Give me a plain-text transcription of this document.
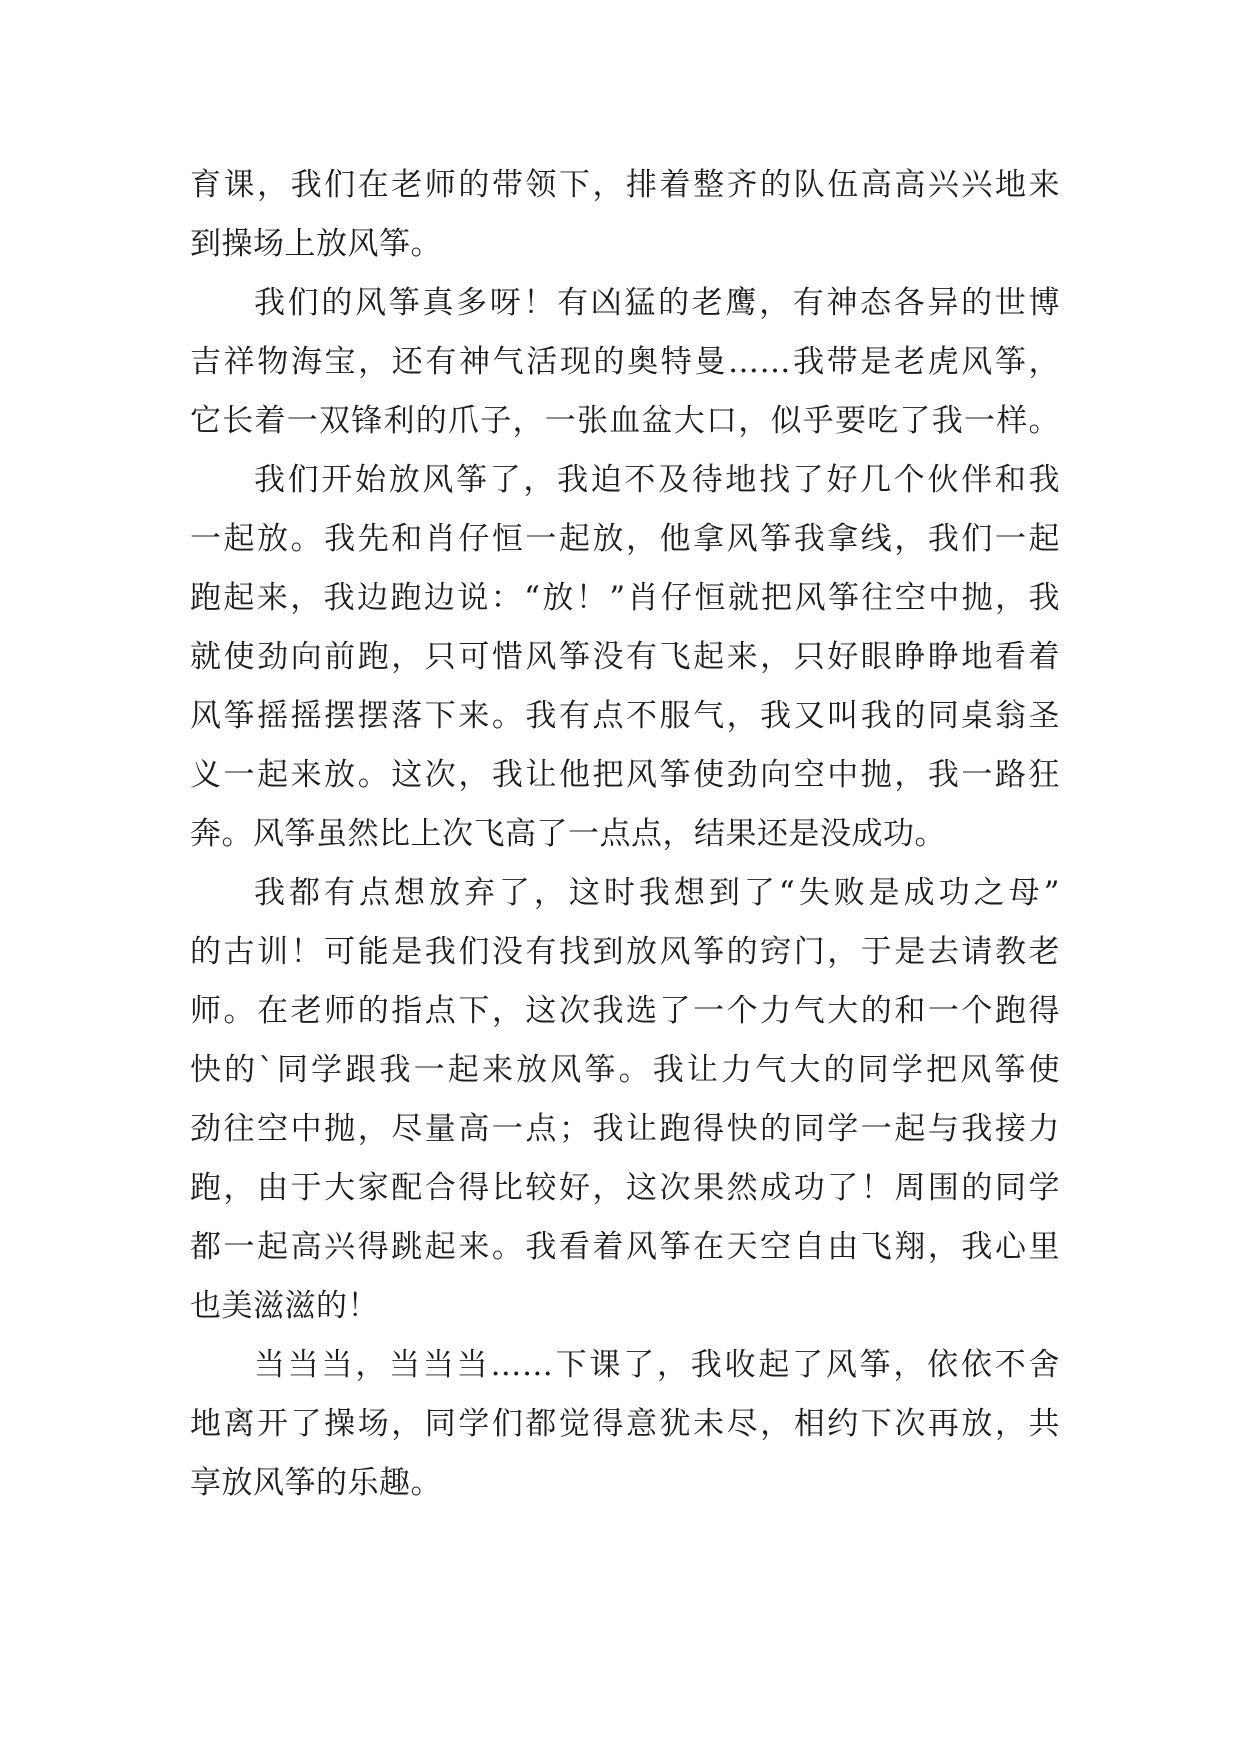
育课，我们在老师的带领下，排着整齐的队伍高高兴兴地来
到操场上放风筝。
我们的风筝真多呀！有凶猛的老鹰，有神态各异的世博
吉祥物海宝，还有神气活现的奥特曼……我带是老虎风筝，
它长着一双锋利的爪子，一张血盆大口，似乎要吃了我一样。
我们开始放风筝了，我迫不及待地找了好几个伙伴和我
一起放。我先和肖仔恒一起放，他拿风筝我拿线，我们一起
跑起来，我边跑边说：“放！”肖仔恒就把风筝往空中抛，我
就使劲向前跑，只可惜风筝没有飞起来，只好眼睁睁地看着
风筝摇摇摆摆落下来。我有点不服气，我又叫我的同桌翁圣
义一起来放。这次，我让他把风筝使劲向空中抛，我一路狂
奔。风筝虽然比上次飞高了一点点，结果还是没成功。
我都有点想放弃了，这时我想到了“失败是成功之母”
的古训！可能是我们没有找到放风筝的窍门，于是去请教老
师。在老师的指点下，这次我选了一个力气大的和一个跑得
快的`同学跟我一起来放风筝。我让力气大的同学把风筝使
劲往空中抛，尽量高一点；我让跑得快的同学一起与我接力
跑，由于大家配合得比较好，这次果然成功了！周围的同学
都一起高兴得跳起来。我看着风筝在天空自由飞翔，我心里
也美滋滋的！
当当当，当当当……下课了，我收起了风筝，依依不舍
地离开了操场，同学们都觉得意犹未尽，相约下次再放，共
享放风筝的乐趣。
